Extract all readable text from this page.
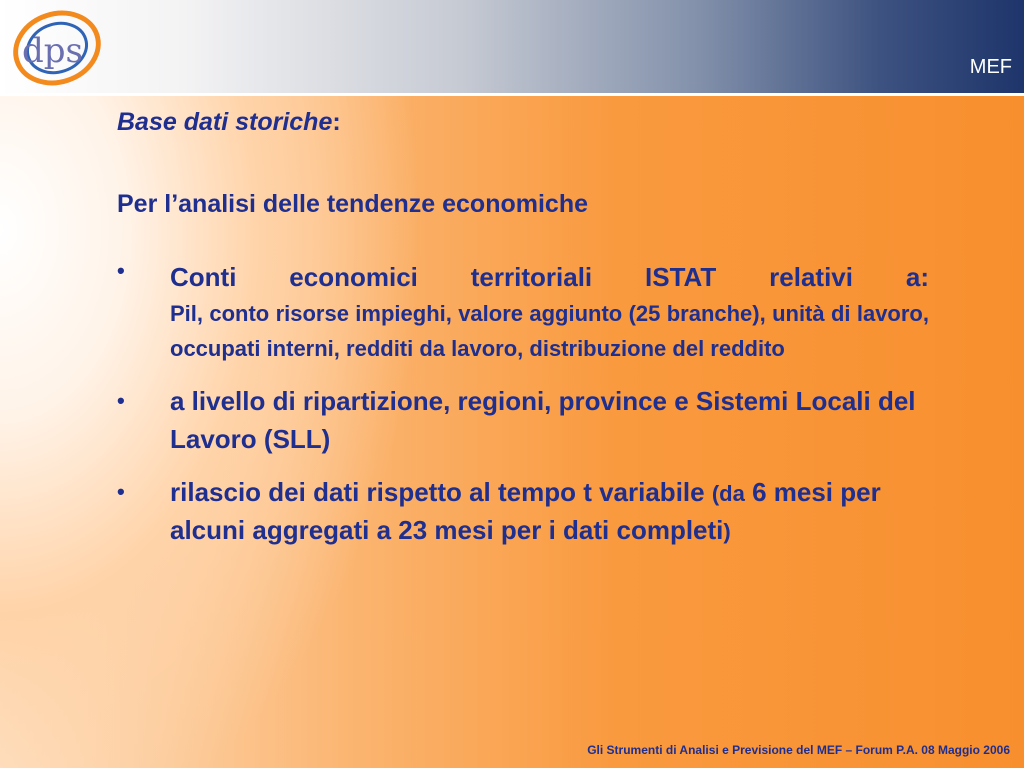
dps	MEF
Base dati storiche:
Per l’analisi delle tendenze economiche
• Conti economici territoriali ISTAT relativi a:
Pil, conto risorse impieghi, valore aggiunto (25 branche), unità di lavoro, occupati interni, redditi da lavoro, distribuzione del reddito
• a livello di ripartizione, regioni, province e Sistemi Locali del Lavoro (SLL)
• rilascio dei dati rispetto al tempo t variabile (da 6 mesi per alcuni aggregati a 23 mesi per i dati completi)
Gli Strumenti di Analisi e Previsione del MEF – Forum P.A. 08 Maggio 2006
